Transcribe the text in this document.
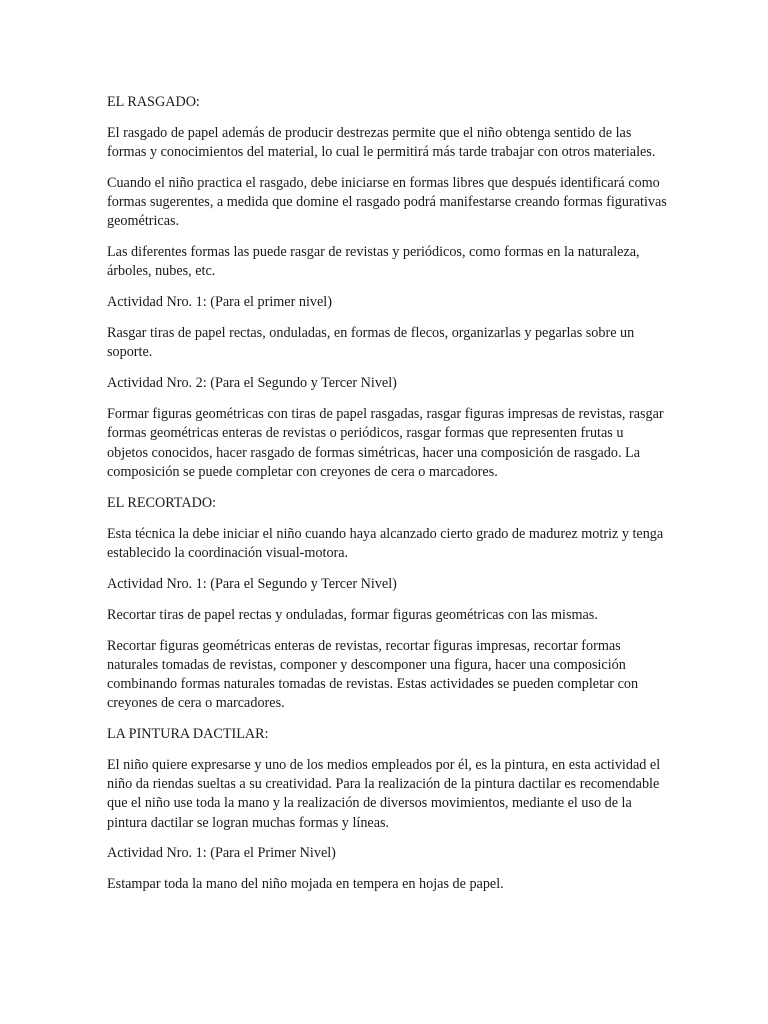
EL RASGADO:

El rasgado de papel además de producir destrezas permite que el niño obtenga sentido de las formas y conocimientos del material, lo cual le permitirá más tarde trabajar con otros materiales.

Cuando el niño practica el rasgado, debe iniciarse en formas libres que después identificará como formas sugerentes, a medida que domine el rasgado podrá manifestarse creando formas figurativas geométricas.

Las diferentes formas las puede rasgar de revistas y periódicos, como formas en la naturaleza, árboles, nubes, etc.

Actividad Nro. 1: (Para el primer nivel)

Rasgar tiras de papel rectas, onduladas, en formas de flecos, organizarlas y pegarlas sobre un soporte.

Actividad Nro. 2: (Para el Segundo y Tercer Nivel)

Formar figuras geométricas con tiras de papel rasgadas, rasgar figuras impresas de revistas, rasgar formas geométricas enteras de revistas o periódicos, rasgar formas que representen frutas u objetos conocidos, hacer rasgado de formas simétricas, hacer una composición de rasgado. La composición se puede completar con creyones de cera o marcadores.

EL RECORTADO:

Esta técnica la debe iniciar el niño cuando haya alcanzado cierto grado de madurez motriz y tenga establecido la coordinación visual-motora.

Actividad Nro. 1: (Para el Segundo y Tercer Nivel)

Recortar tiras de papel rectas y onduladas, formar figuras geométricas con las mismas.

Recortar figuras geométricas enteras de revistas, recortar figuras impresas, recortar formas naturales tomadas de revistas, componer y descomponer una figura, hacer una composición combinando formas naturales tomadas de revistas. Estas actividades se pueden completar con creyones de cera o marcadores.

LA PINTURA DACTILAR:

El niño quiere expresarse y uno de los medios empleados por él, es la pintura, en esta actividad el niño da riendas sueltas a su creatividad. Para la realización de la pintura dactilar es recomendable que el niño use toda la mano y la realización de diversos movimientos, mediante el uso de la pintura dactilar se logran muchas formas y líneas.

Actividad Nro. 1: (Para el Primer Nivel)

Estampar toda la mano del niño mojada en tempera en hojas de papel.
